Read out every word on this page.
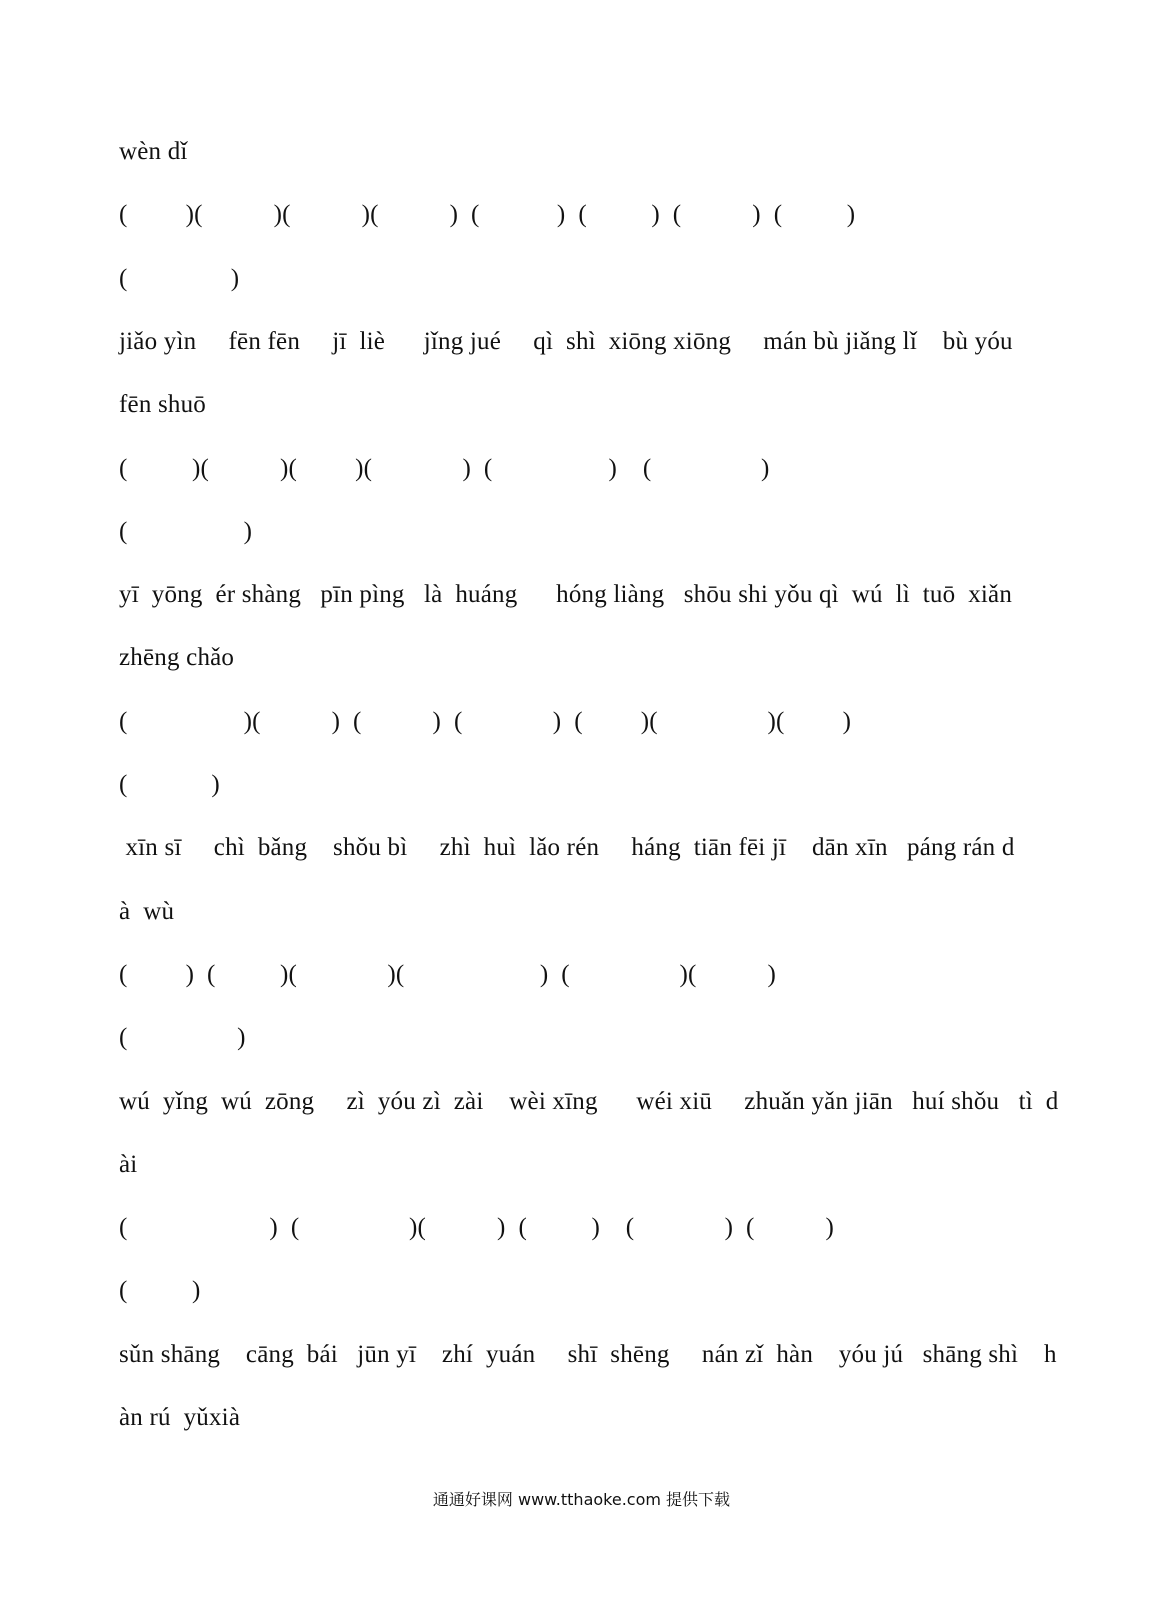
wèn dǐ
(         )(           )(           )(           )  (            )  (          )  (           )  (          )
(                )
jiǎo yìn     fēn fēn     jī  liè      jǐng jué     qì  shì  xiōng xiōng     mán bù jiǎng lǐ    bù yóu
fēn shuō
(          )(           )(         )(              )  (                  )    (                 )
(                  )
yī  yōng  ér shàng   pīn pìng   là  huáng      hóng liàng   shōu shi yǒu qì  wú  lì  tuō  xiǎn
zhēng chǎo
(                  )(           )  (           )  (              )  (         )(                 )(         )
(             )
xīn sī     chì  bǎng    shǒu bì     zhì  huì  lǎo rén     háng  tiān fēi jī    dān xīn   páng rán d
à  wù
(         )  (          )(              )(                     )  (                 )(           )
(                 )
wú  yǐng  wú  zōng     zì  yóu zì  zài    wèi xīng      wéi xiū     zhuǎn yǎn jiān   huí shǒu   tì  d
ài
(                      )  (                 )(           )  (          )    (              )  (           )
(          )
sǔn shāng    cāng  bái   jūn yī    zhí  yuán     shī  shēng     nán zǐ  hàn    yóu jú   shāng shì    h
àn rú  yǔxià
通通好课网 www.tthaoke.com 提供下载
